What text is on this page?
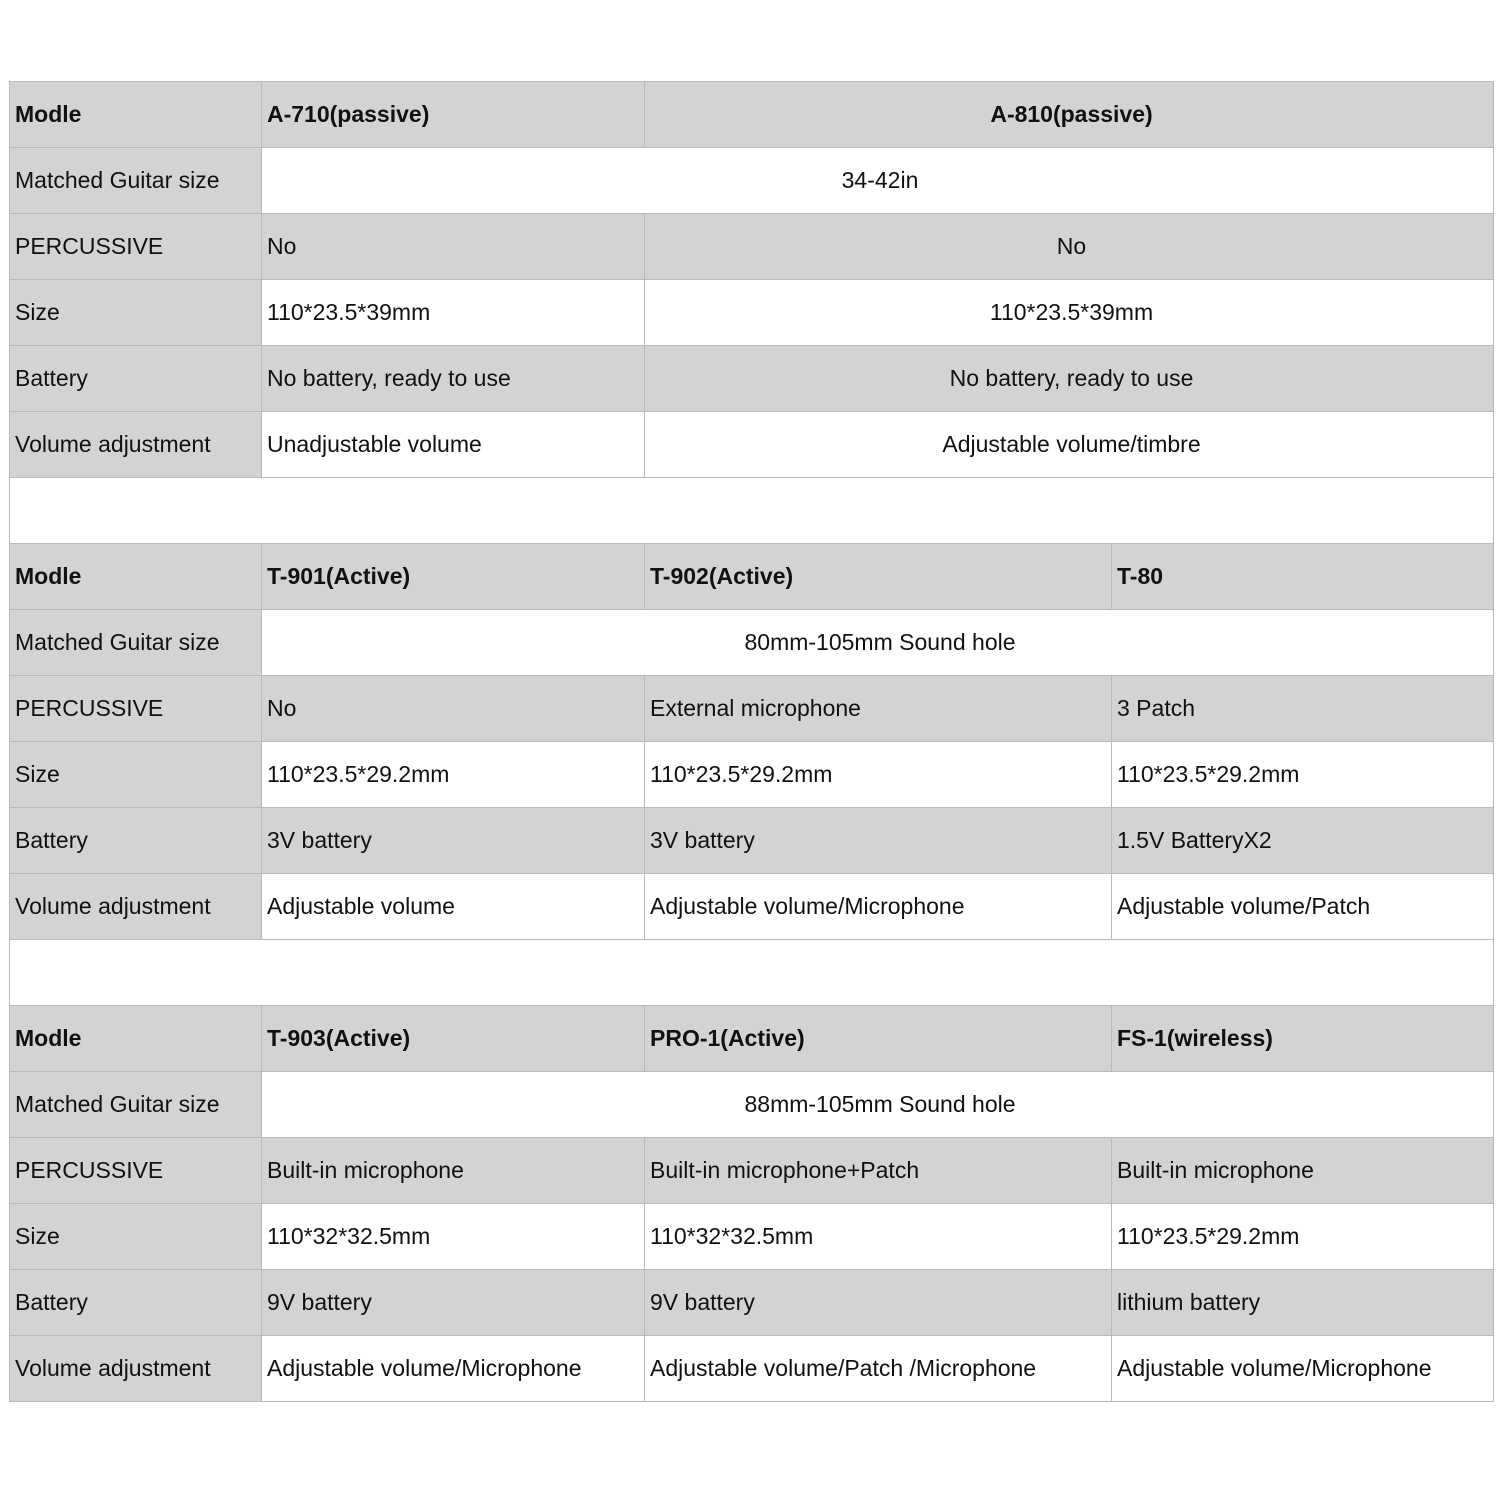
Modle	A-710(passive)	A-810(passive)	
Matched Guitar size	34-42in		
PERCUSSIVE	No	No	
Size	110*23.5*39mm	110*23.5*39mm	
Battery	No battery, ready to use	No battery, ready to use	
Volume adjustment	Unadjustable volume	Adjustable volume/timbre	

Modle	T-901(Active)	T-902(Active)	T-80
Matched Guitar size	80mm-105mm Sound hole		
PERCUSSIVE	No	External microphone	3 Patch
Size	110*23.5*29.2mm	110*23.5*29.2mm	110*23.5*29.2mm
Battery	3V battery	3V battery	1.5V BatteryX2
Volume adjustment	Adjustable volume	Adjustable volume/Microphone	Adjustable volume/Patch

Modle	T-903(Active)	PRO-1(Active)	FS-1(wireless)
Matched Guitar size	88mm-105mm Sound hole		
PERCUSSIVE	Built-in microphone	Built-in microphone+Patch	Built-in microphone
Size	110*32*32.5mm	110*32*32.5mm	110*23.5*29.2mm
Battery	9V battery	9V battery	lithium battery
Volume adjustment	Adjustable volume/Microphone	Adjustable volume/Patch /Microphone	Adjustable volume/Microphone
